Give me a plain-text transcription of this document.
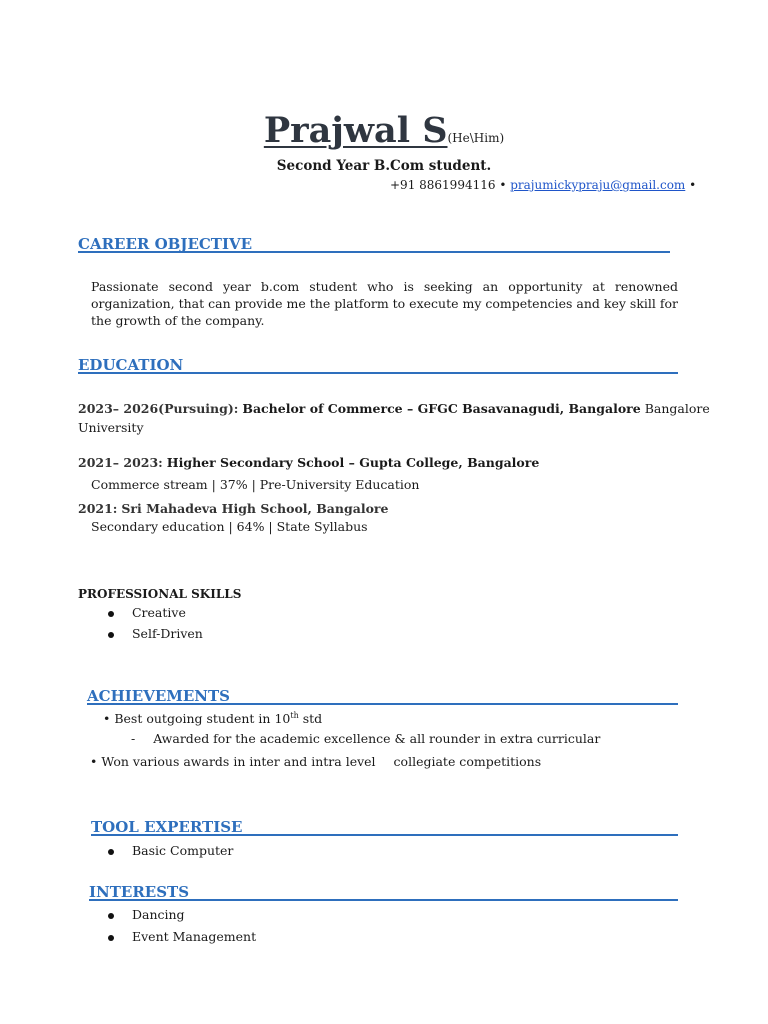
Prajwal S(He\Him)
Second Year B.Com student.
+91 8861994116 • prajumickypraju@gmail.com •
CAREER OBJECTIVE
Passionate second year b.com student who is seeking an opportunity at renowned organization, that can provide me the platform to execute my competencies and key skill for the growth of the company.
EDUCATION
2023– 2026(Pursuing): Bachelor of Commerce – GFGC Basavanagudi, Bangalore Bangalore
University
2021– 2023: Higher Secondary School – Gupta College, Bangalore
Commerce stream | 37% | Pre-University Education
2021: Sri Mahadeva High School, Bangalore
Secondary education | 64% | State Syllabus
PROFESSIONAL SKILLS
Creative
Self-Driven
ACHIEVEMENTS
• Best outgoing student in 10th std
- Awarded for the academic excellence & all rounder in extra curricular
• Won various awards in inter and intra level collegiate competitions
TOOL EXPERTISE
Basic Computer
INTERESTS
Dancing
Event Management
